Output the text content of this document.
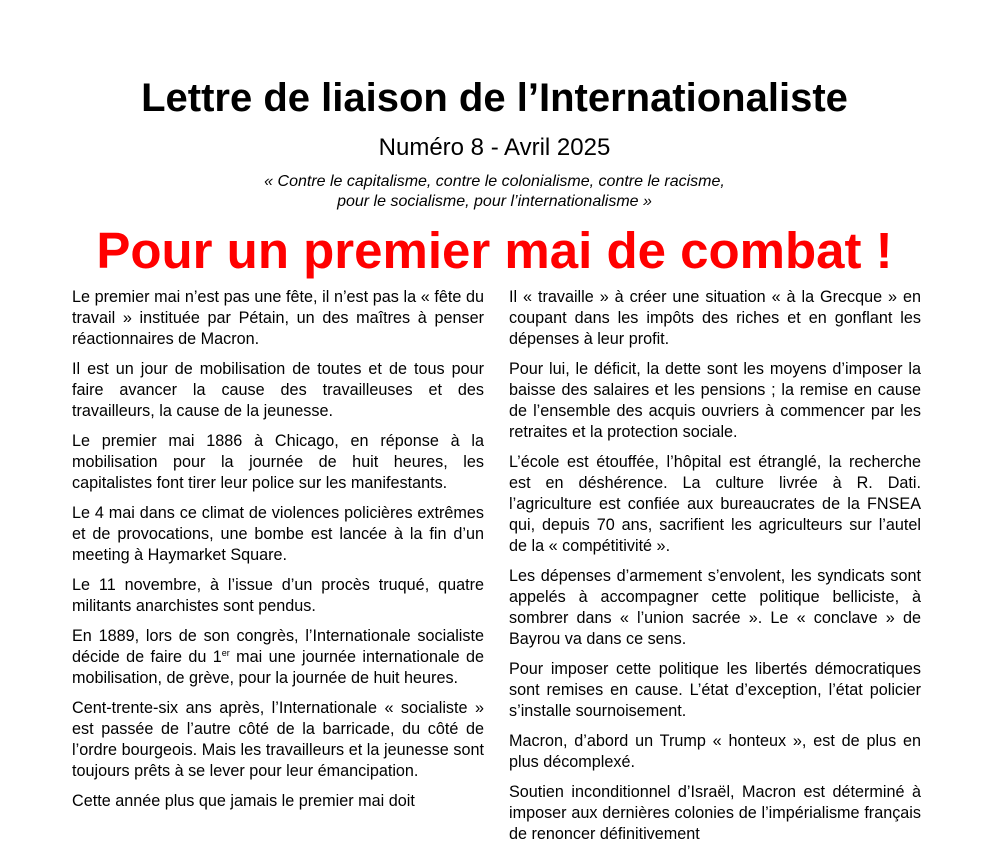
Lettre de liaison de l’Internationaliste
Numéro 8 - Avril 2025
« Contre le capitalisme, contre le colonialisme, contre le racisme,
pour le socialisme, pour l’internationalisme »
Pour un premier mai de combat !

Le premier mai n’est pas une fête, il n’est pas la « fête du travail » instituée par Pétain, un des maîtres à penser réactionnaires de Macron.

Il est un jour de mobilisation de toutes et de tous pour faire avancer la cause des travailleuses et des travailleurs, la cause de la jeunesse.

Le premier mai 1886 à Chicago, en réponse à la mobilisation pour la journée de huit heures, les capitalistes font tirer leur police sur les manifestants.

Le 4 mai dans ce climat de violences policières extrêmes et de provocations, une bombe est lancée à la fin d’un meeting à Haymarket Square.

Le 11 novembre, à l’issue d’un procès truqué, quatre militants anarchistes sont pendus.

En 1889, lors de son congrès, l’Internationale socialiste décide de faire du 1er mai une journée internationale de mobilisation, de grève, pour la journée de huit heures.

Cent-trente-six ans après, l’Internationale « socialiste » est passée de l’autre côté de la barricade, du côté de l’ordre bourgeois. Mais les travailleurs et la jeunesse sont toujours prêts à se lever pour leur émancipation.

Cette année plus que jamais le premier mai doit

Il « travaille » à créer une situation « à la Grecque » en coupant dans les impôts des riches et en gonflant les dépenses à leur profit.

Pour lui, le déficit, la dette sont les moyens d’imposer la baisse des salaires et les pensions ; la remise en cause de l’ensemble des acquis ouvriers à commencer par les retraites et la protection sociale.

L’école est étouffée, l’hôpital est étranglé, la recherche est en déshérence. La culture livrée à R. Dati. l’agriculture est confiée aux bureaucrates de la FNSEA qui, depuis 70 ans, sacrifient les agriculteurs sur l’autel de la « compétitivité ».

Les dépenses d’armement s’envolent, les syndicats sont appelés à accompagner cette politique belliciste, à sombrer dans « l’union sacrée ». Le « conclave » de Bayrou va dans ce sens.

Pour imposer cette politique les libertés démocratiques sont remises en cause. L’état d’exception, l’état policier s’installe sournoisement.

Macron, d’abord un Trump « honteux », est de plus en plus décomplexé.

Soutien inconditionnel d’Israël, Macron est déterminé à imposer aux dernières colonies de l’impérialisme français de renoncer définitivement
